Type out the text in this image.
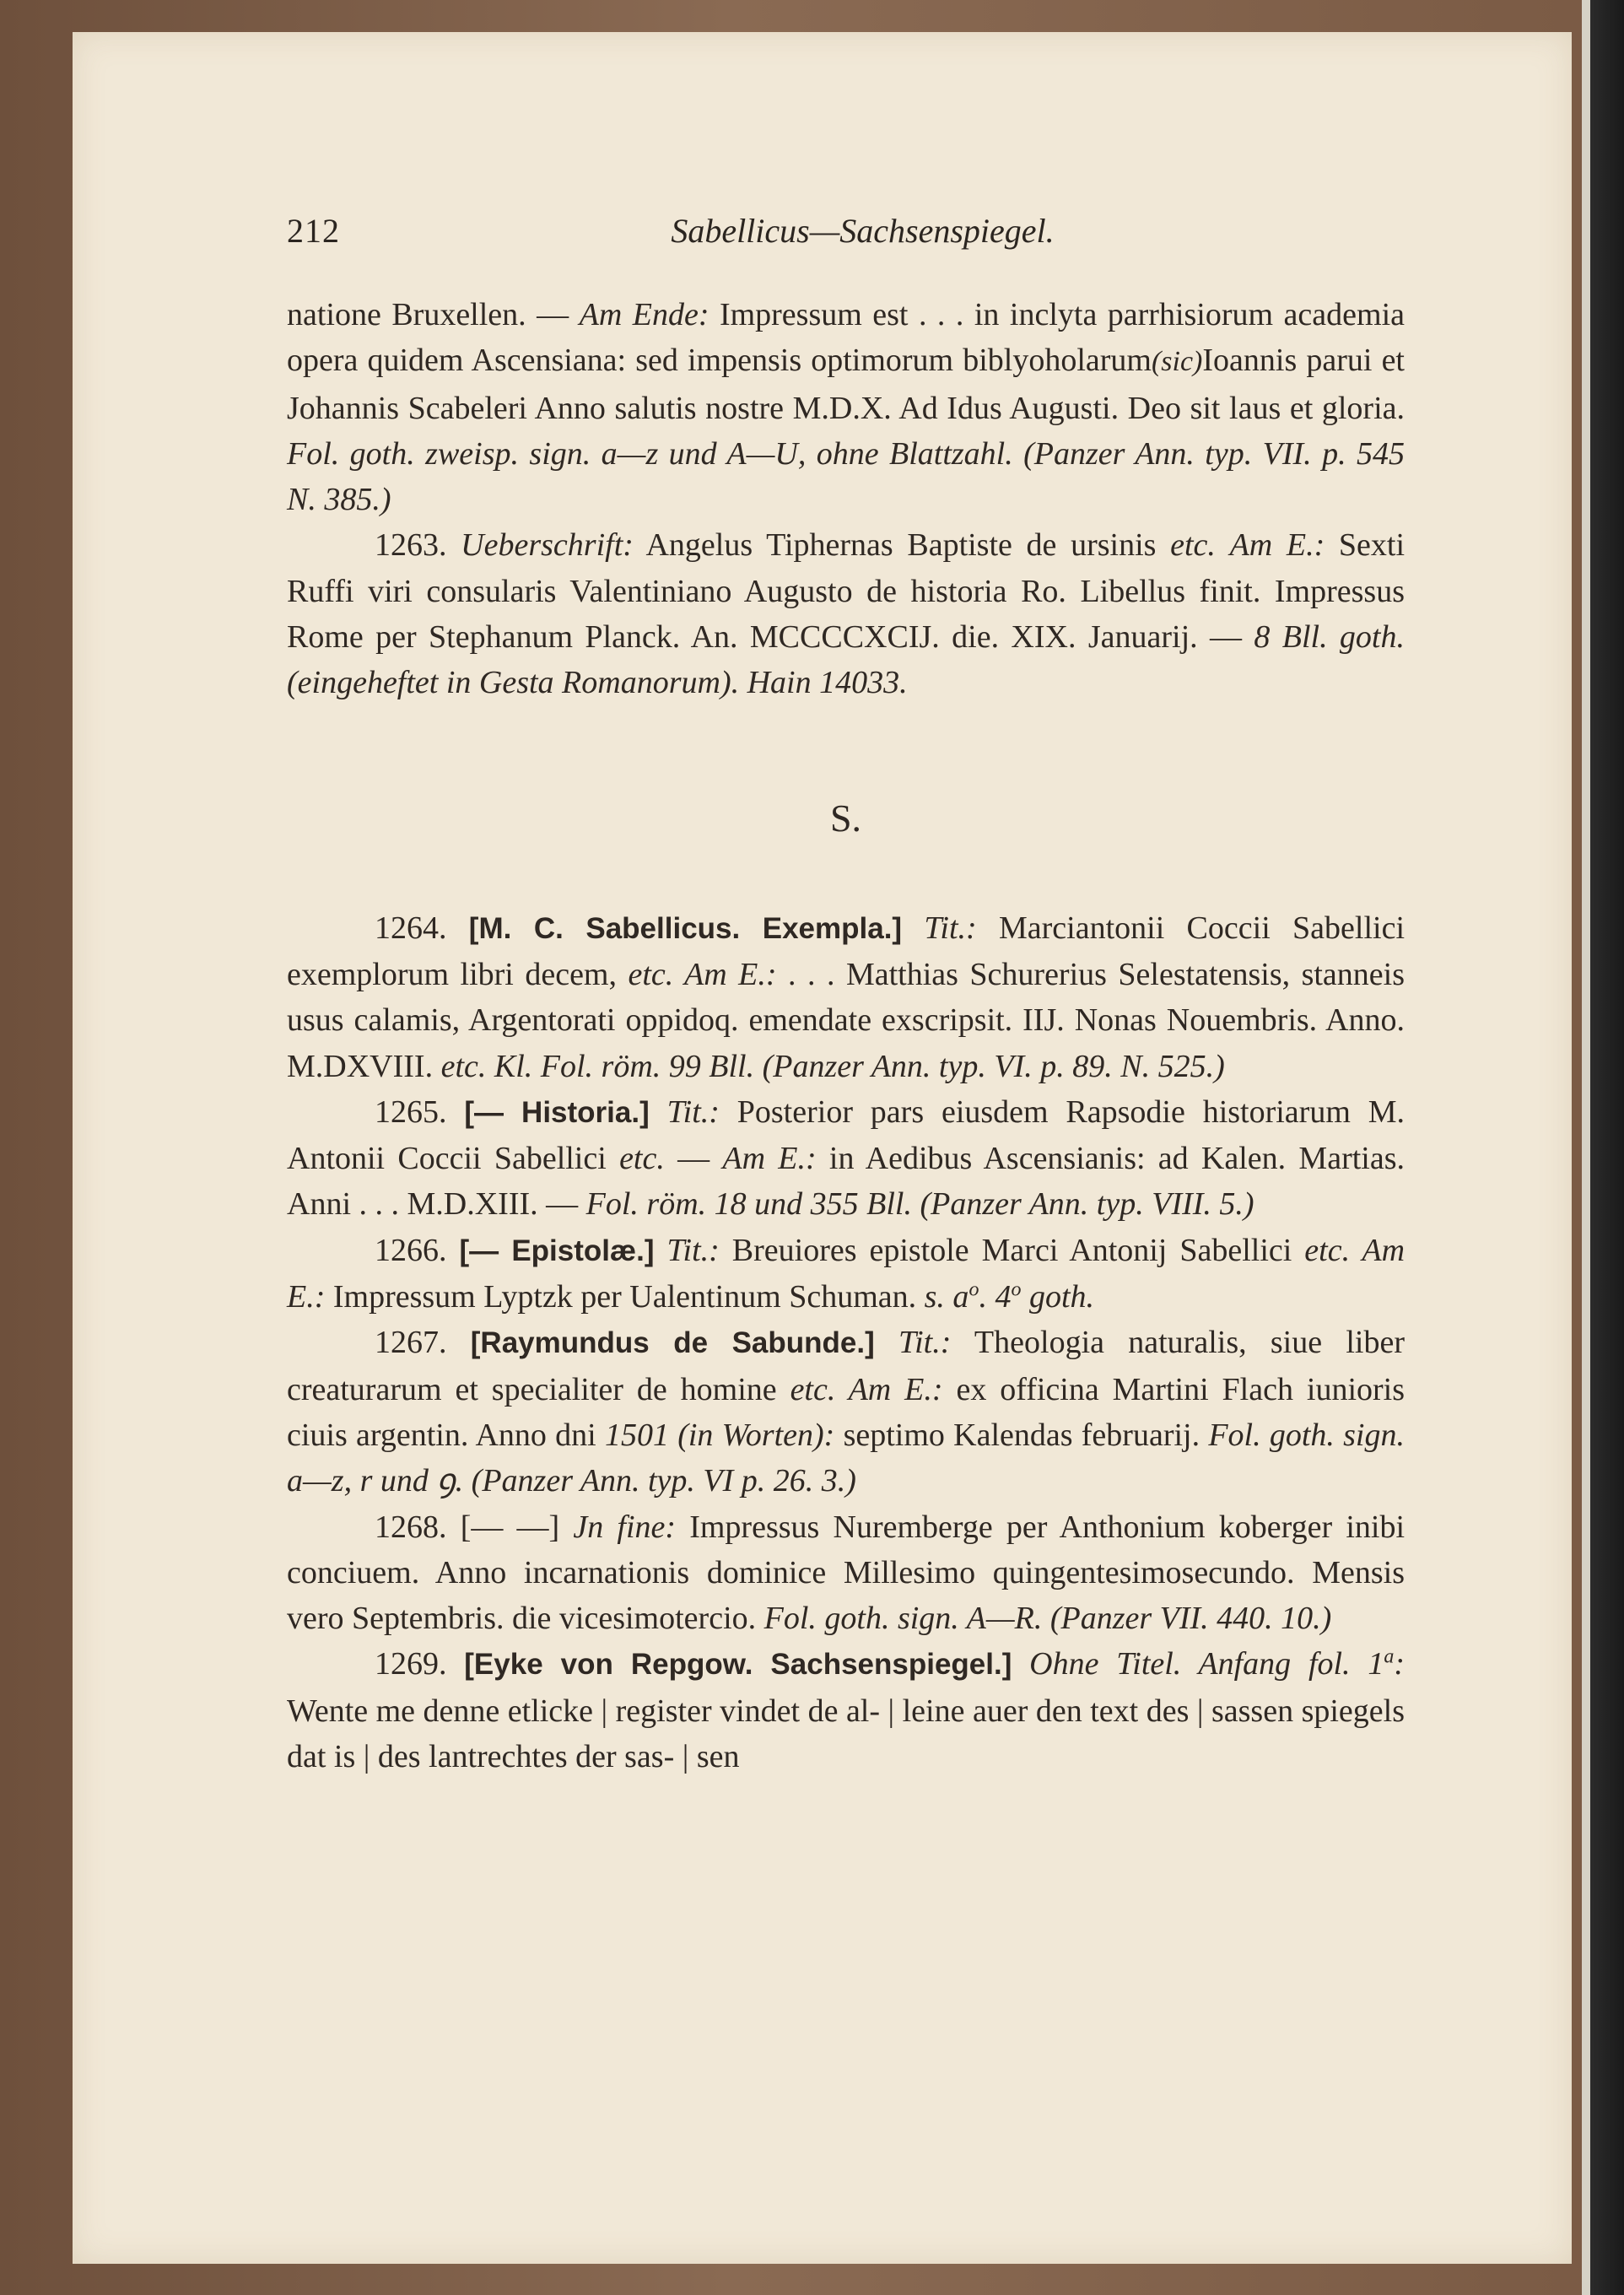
212	Sabellicus—Sachsenspiegel.

natione Bruxellen. — Am Ende: Impressum est . . . in inclyta parrhisiorum academia opera quidem Ascensiana: sed impensis optimorum biblyoholarum(sic)Ioannis parui et Johannis Scabeleri Anno salutis nostre M.D.X. Ad Idus Augusti. Deo sit laus et gloria. Fol. goth. zweisp. sign. a—z und A—U, ohne Blattzahl. (Panzer Ann. typ. VII. p. 545 N. 385.)

1263. Ueberschrift: Angelus Tiphernas Baptiste de ursinis etc. Am E.: Sexti Ruffi viri consularis Valentiniano Augusto de historia Ro. Libellus finit. Impressus Rome per Stephanum Planck. An. MCCCCXCIJ. die. XIX. Januarij. — 8 Bll. goth. (eingeheftet in Gesta Romanorum). Hain 14033.

S.

1264. [M. C. Sabellicus. Exempla.] Tit.: Marciantonii Coccii Sabellici exemplorum libri decem, etc. Am E.: . . . Matthias Schurerius Selestatensis, stanneis usus calamis, Argentorati oppidoq. emendate exscripsit. IIJ. Nonas Nouembris. Anno. M.DXVIII. etc. Kl. Fol. röm. 99 Bll. (Panzer Ann. typ. VI. p. 89. N. 525.)

1265. [— Historia.] Tit.: Posterior pars eiusdem Rapsodie historiarum M. Antonii Coccii Sabellici etc. — Am E.: in Aedibus Ascensianis: ad Kalen. Martias. Anni . . . M.D.XIII. — Fol. röm. 18 und 355 Bll. (Panzer Ann. typ. VIII. 5.)

1266. [— Epistolæ.] Tit.: Breuiores epistole Marci Antonij Sabellici etc. Am E.: Impressum Lyptzk per Ualentinum Schuman. s. $a^o$. 4$^o$ goth.

1267. [Raymundus de Sabunde.] Tit.: Theologia naturalis, siue liber creaturarum et specialiter de homine etc. Am E.: ex officina Martini Flach iunioris ciuis argentin. Anno dni 1501 (in Worten): septimo Kalendas februarij. Fol. goth. sign. a—z, r und ꝯ. (Panzer Ann. typ. VI p. 26. 3.)

1268. [— —] Jn fine: Impressus Nuremberge per Anthonium koberger inibi conciuem. Anno incarnationis dominice Millesimo quingentesimosecundo. Mensis vero Septembris. die vicesimotercio. Fol. goth. sign. A—R. (Panzer VII. 440. 10.)

1269. [Eyke von Repgow. Sachsenspiegel.] Ohne Titel. Anfang fol. 1$^a$: Wente me denne etlicke | register vindet de al- | leine auer den text des | sassen spiegels dat is | des lantrechtes der sas- | sen
